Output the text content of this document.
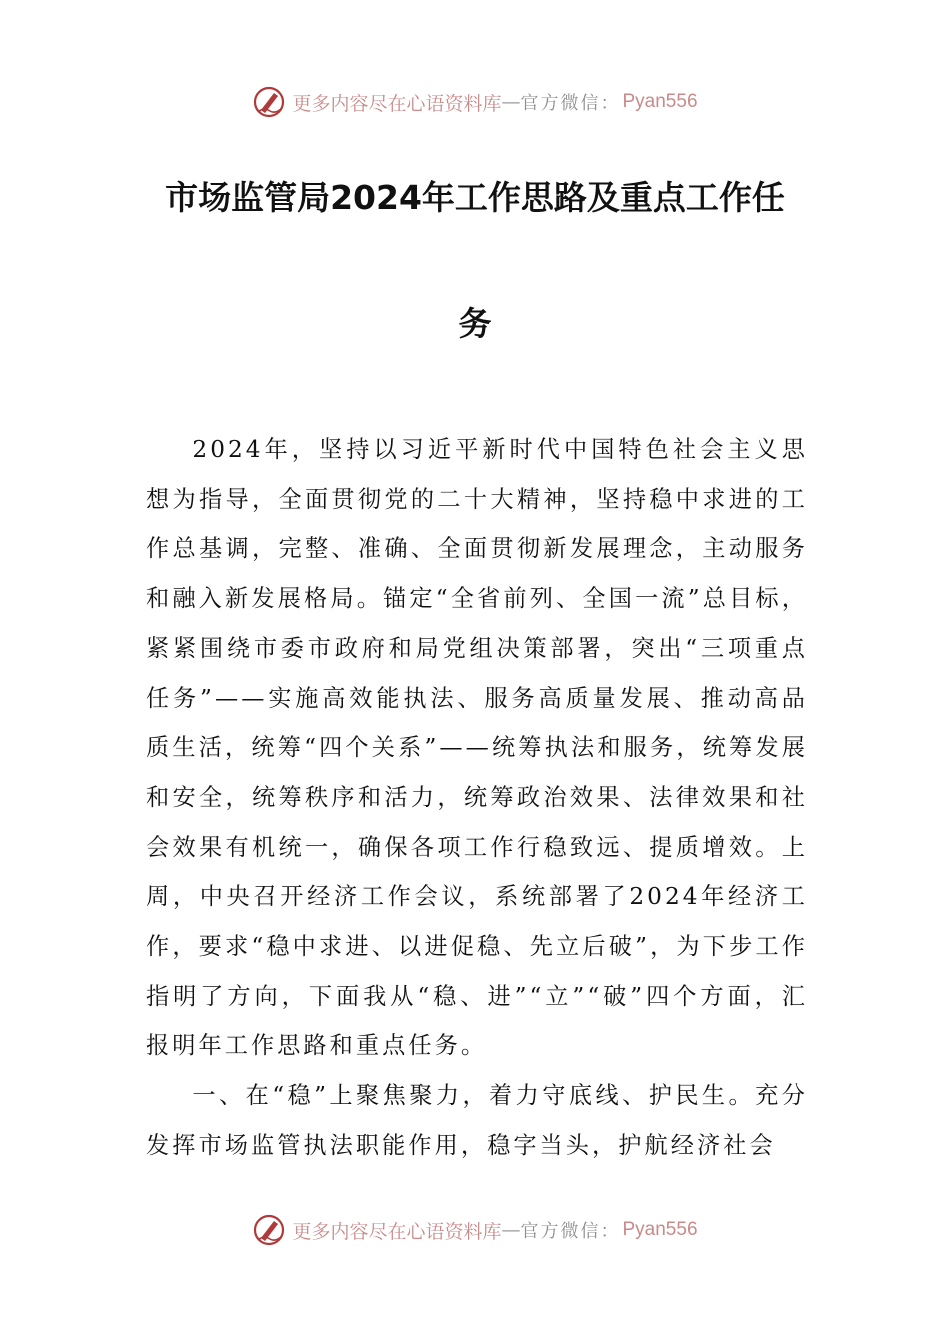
更多内容尽在心语资料库 — 官方微信： Pyan556
市场监管局2024年工作思路及重点工作任
务

2024年，坚持以习近平新时代中国特色社会主义思想为指导，全面贯彻党的二十大精神，坚持稳中求进的工作总基调，完整、准确、全面贯彻新发展理念，主动服务和融入新发展格局。锚定“全省前列、全国一流”总目标，紧紧围绕市委市政府和局党组决策部署，突出“三项重点任务”——实施高效能执法、服务高质量发展、推动高品质生活，统筹“四个关系”——统筹执法和服务，统筹发展和安全，统筹秩序和活力，统筹政治效果、法律效果和社会效果有机统一，确保各项工作行稳致远、提质增效。上周，中央召开经济工作会议，系统部署了2024年经济工作，要求“稳中求进、以进促稳、先立后破”，为下步工作指明了方向，下面我从“稳、进”“立”“破”四个方面，汇报明年工作思路和重点任务。

一、在“稳”上聚焦聚力，着力守底线、护民生。充分发挥市场监管执法职能作用，稳字当头，护航经济社会

更多内容尽在心语资料库 — 官方微信： Pyan556
